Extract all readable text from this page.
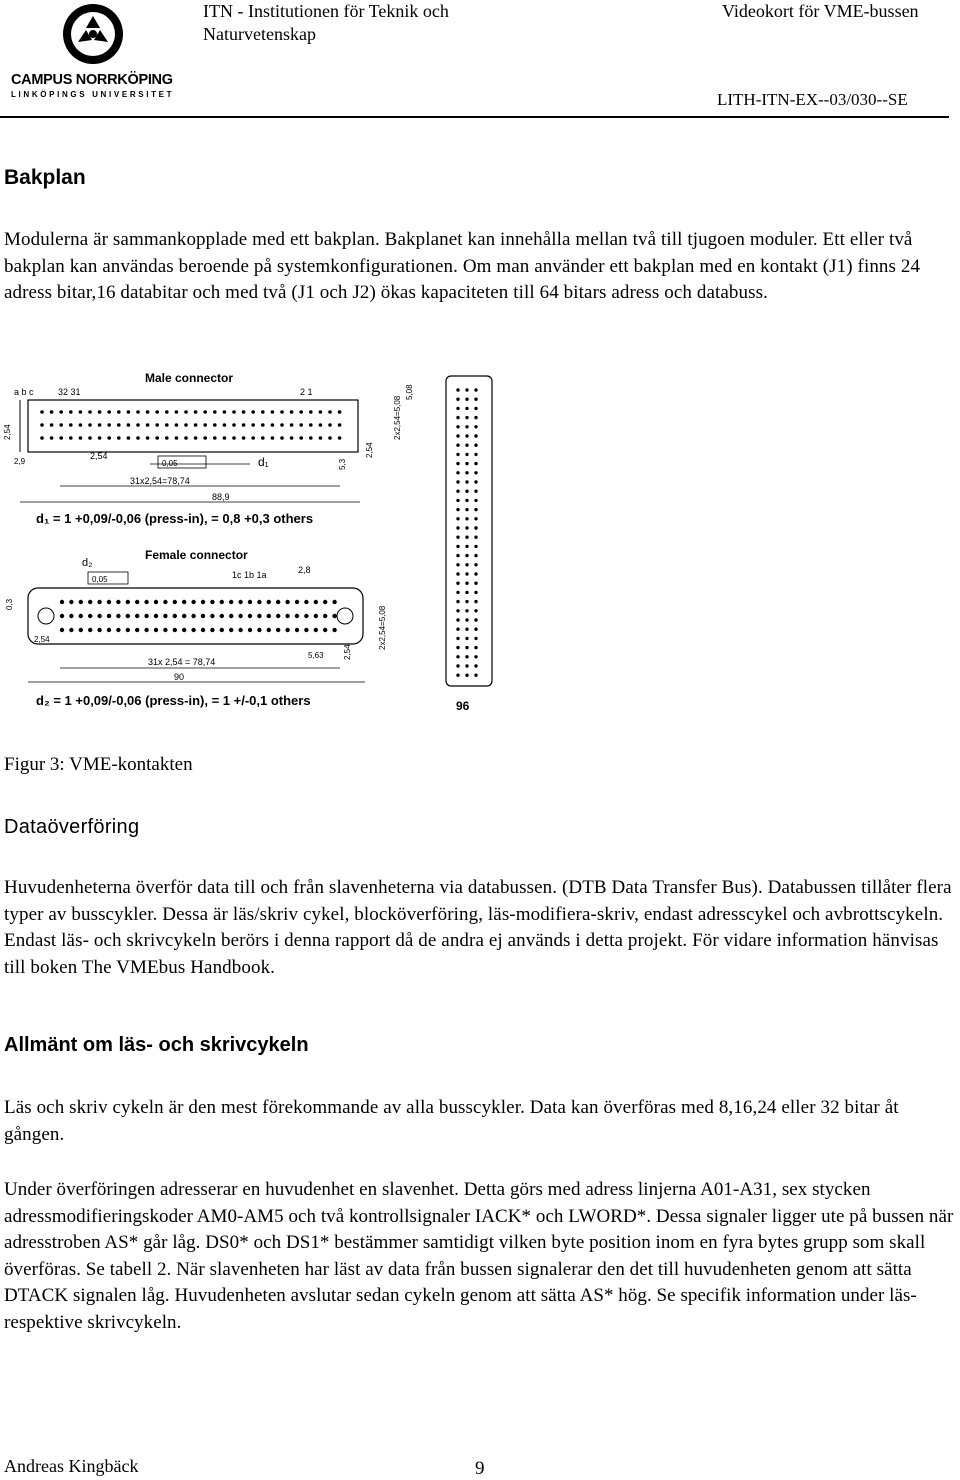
CAMPUS NORRKÖPING
LINKÖPINGS UNIVERSITET
ITN - Institutionen för Teknik och Naturvetenskap
Videokort för VME-bussen
LITH-ITN-EX--03/030--SE
Bakplan

Modulerna är sammankopplade med ett bakplan. Bakplanet kan innehålla mellan två till tjugoen moduler. Ett eller två bakplan kan användas beroende på systemkonfigurationen. Om man använder ett bakplan med en kontakt (J1) finns 24 adress bitar,16 databitar och med två (J1 och J2) ökas kapaciteten till 64 bitars adress och databuss.

Male connector
a b c	32 31	2 1
2,54
2,9
2,54
0,05	d₁
31x2,54=78,74
88,9
5,3
2,54
2x2,54=5,08
5,08
d₁ = 1 +0,09/-0,06 (press-in), = 0,8 +0,3 others
Female connector
d₂
0,05	1c 1b 1a	2,8
0,3
2,54
2,54
5,63
2x2,54=5,08
31x 2,54 = 78,74
90
d₂ = 1 +0,09/-0,06 (press-in), = 1 +/-0,1 others	96
Figur 3: VME-kontakten
Dataöverföring

Huvudenheterna överför data till och från slavenheterna via databussen. (DTB Data Transfer Bus). Databussen tillåter flera typer av busscykler. Dessa är läs/skriv cykel, blocköverföring, läs-modifiera-skriv, endast adresscykel och avbrottscykeln. Endast läs- och skrivcykeln berörs i denna rapport då de andra ej används i detta projekt. För vidare information hänvisas till boken The VMEbus Handbook.

Allmänt om läs- och skrivcykeln

Läs och skriv cykeln är den mest förekommande av alla busscykler. Data kan överföras med 8,16,24 eller 32 bitar åt gången.

Under överföringen adresserar en huvudenhet en slavenhet. Detta görs med adress linjerna A01-A31, sex stycken adressmodifieringskoder AM0-AM5 och två kontrollsignaler IACK* och LWORD*. Dessa signaler ligger ute på bussen när adresstroben AS* går låg. DS0* och DS1* bestämmer samtidigt vilken byte position inom en fyra bytes grupp som skall överföras. Se tabell 2. När slavenheten har läst av data från bussen signalerar den det till huvudenheten genom att sätta DTACK signalen låg. Huvudenheten avslutar sedan cykeln genom att sätta AS* hög. Se specifik information under läs- respektive skrivcykeln.

Andreas Kingbäck	9
